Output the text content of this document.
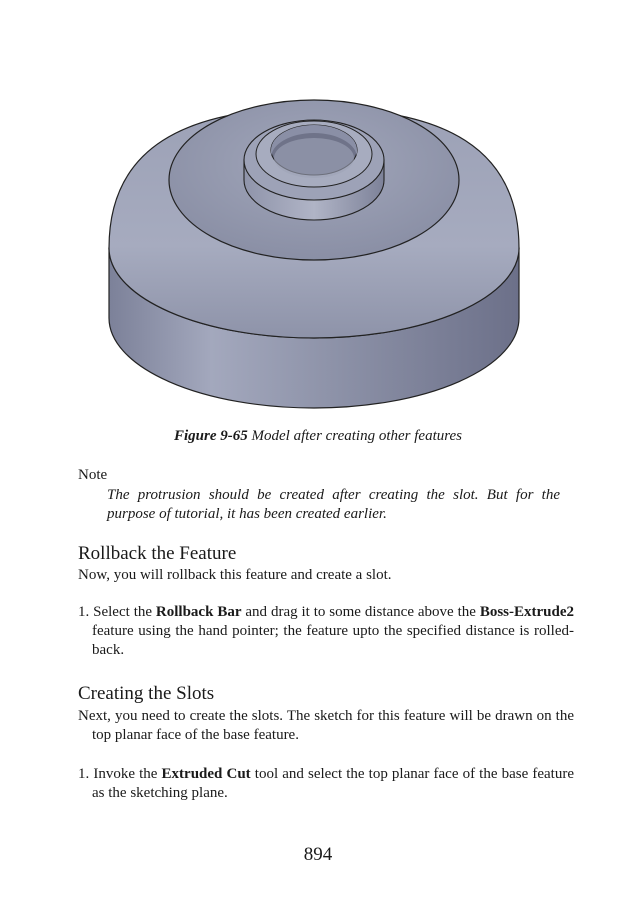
Figure 9-65 Model after creating other features
Note
The protrusion should be created after creating the slot. But for the purpose of tutorial, it has been created earlier.
Rollback the Feature
Now, you will rollback this feature and create a slot.
1. Select the Rollback Bar and drag it to some distance above the Boss-Extrude2 feature using the hand pointer; the feature upto the specified distance is rolled-back.
Creating the Slots
Next, you need to create the slots. The sketch for this feature will be drawn on the top planar face of the base feature.
1. Invoke the Extruded Cut tool and select the top planar face of the base feature as the sketching plane.
894
